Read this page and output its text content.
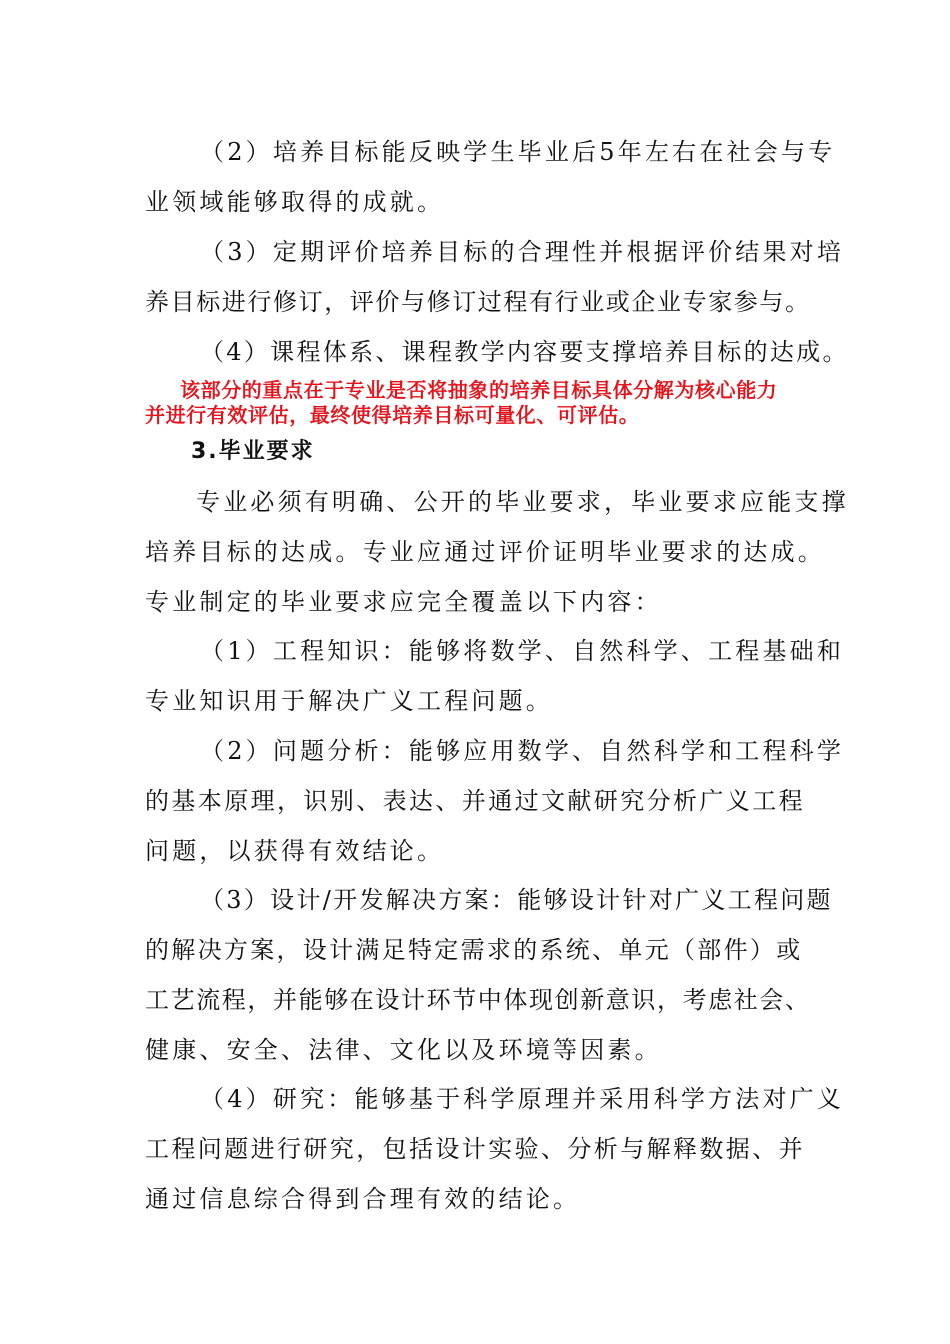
（2）培养目标能反映学生毕业后5年左右在社会与专
业领域能够取得的成就。
（3）定期评价培养目标的合理性并根据评价结果对培
养目标进行修订，评价与修订过程有行业或企业专家参与。
（4）课程体系、课程教学内容要支撑培养目标的达成。
该部分的重点在于专业是否将抽象的培养目标具体分解为核心能力
并进行有效评估，最终使得培养目标可量化、可评估。
3.毕业要求
专业必须有明确、公开的毕业要求，毕业要求应能支撑
培养目标的达成。专业应通过评价证明毕业要求的达成。
专业制定的毕业要求应完全覆盖以下内容：
（1）工程知识：能够将数学、自然科学、工程基础和
专业知识用于解决广义工程问题。
（2）问题分析：能够应用数学、自然科学和工程科学
的基本原理，识别、表达、并通过文献研究分析广义工程
问题，以获得有效结论。
（3）设计/开发解决方案：能够设计针对广义工程问题
的解决方案，设计满足特定需求的系统、单元（部件）或
工艺流程，并能够在设计环节中体现创新意识，考虑社会、
健康、安全、法律、文化以及环境等因素。
（4）研究：能够基于科学原理并采用科学方法对广义
工程问题进行研究，包括设计实验、分析与解释数据、并
通过信息综合得到合理有效的结论。
